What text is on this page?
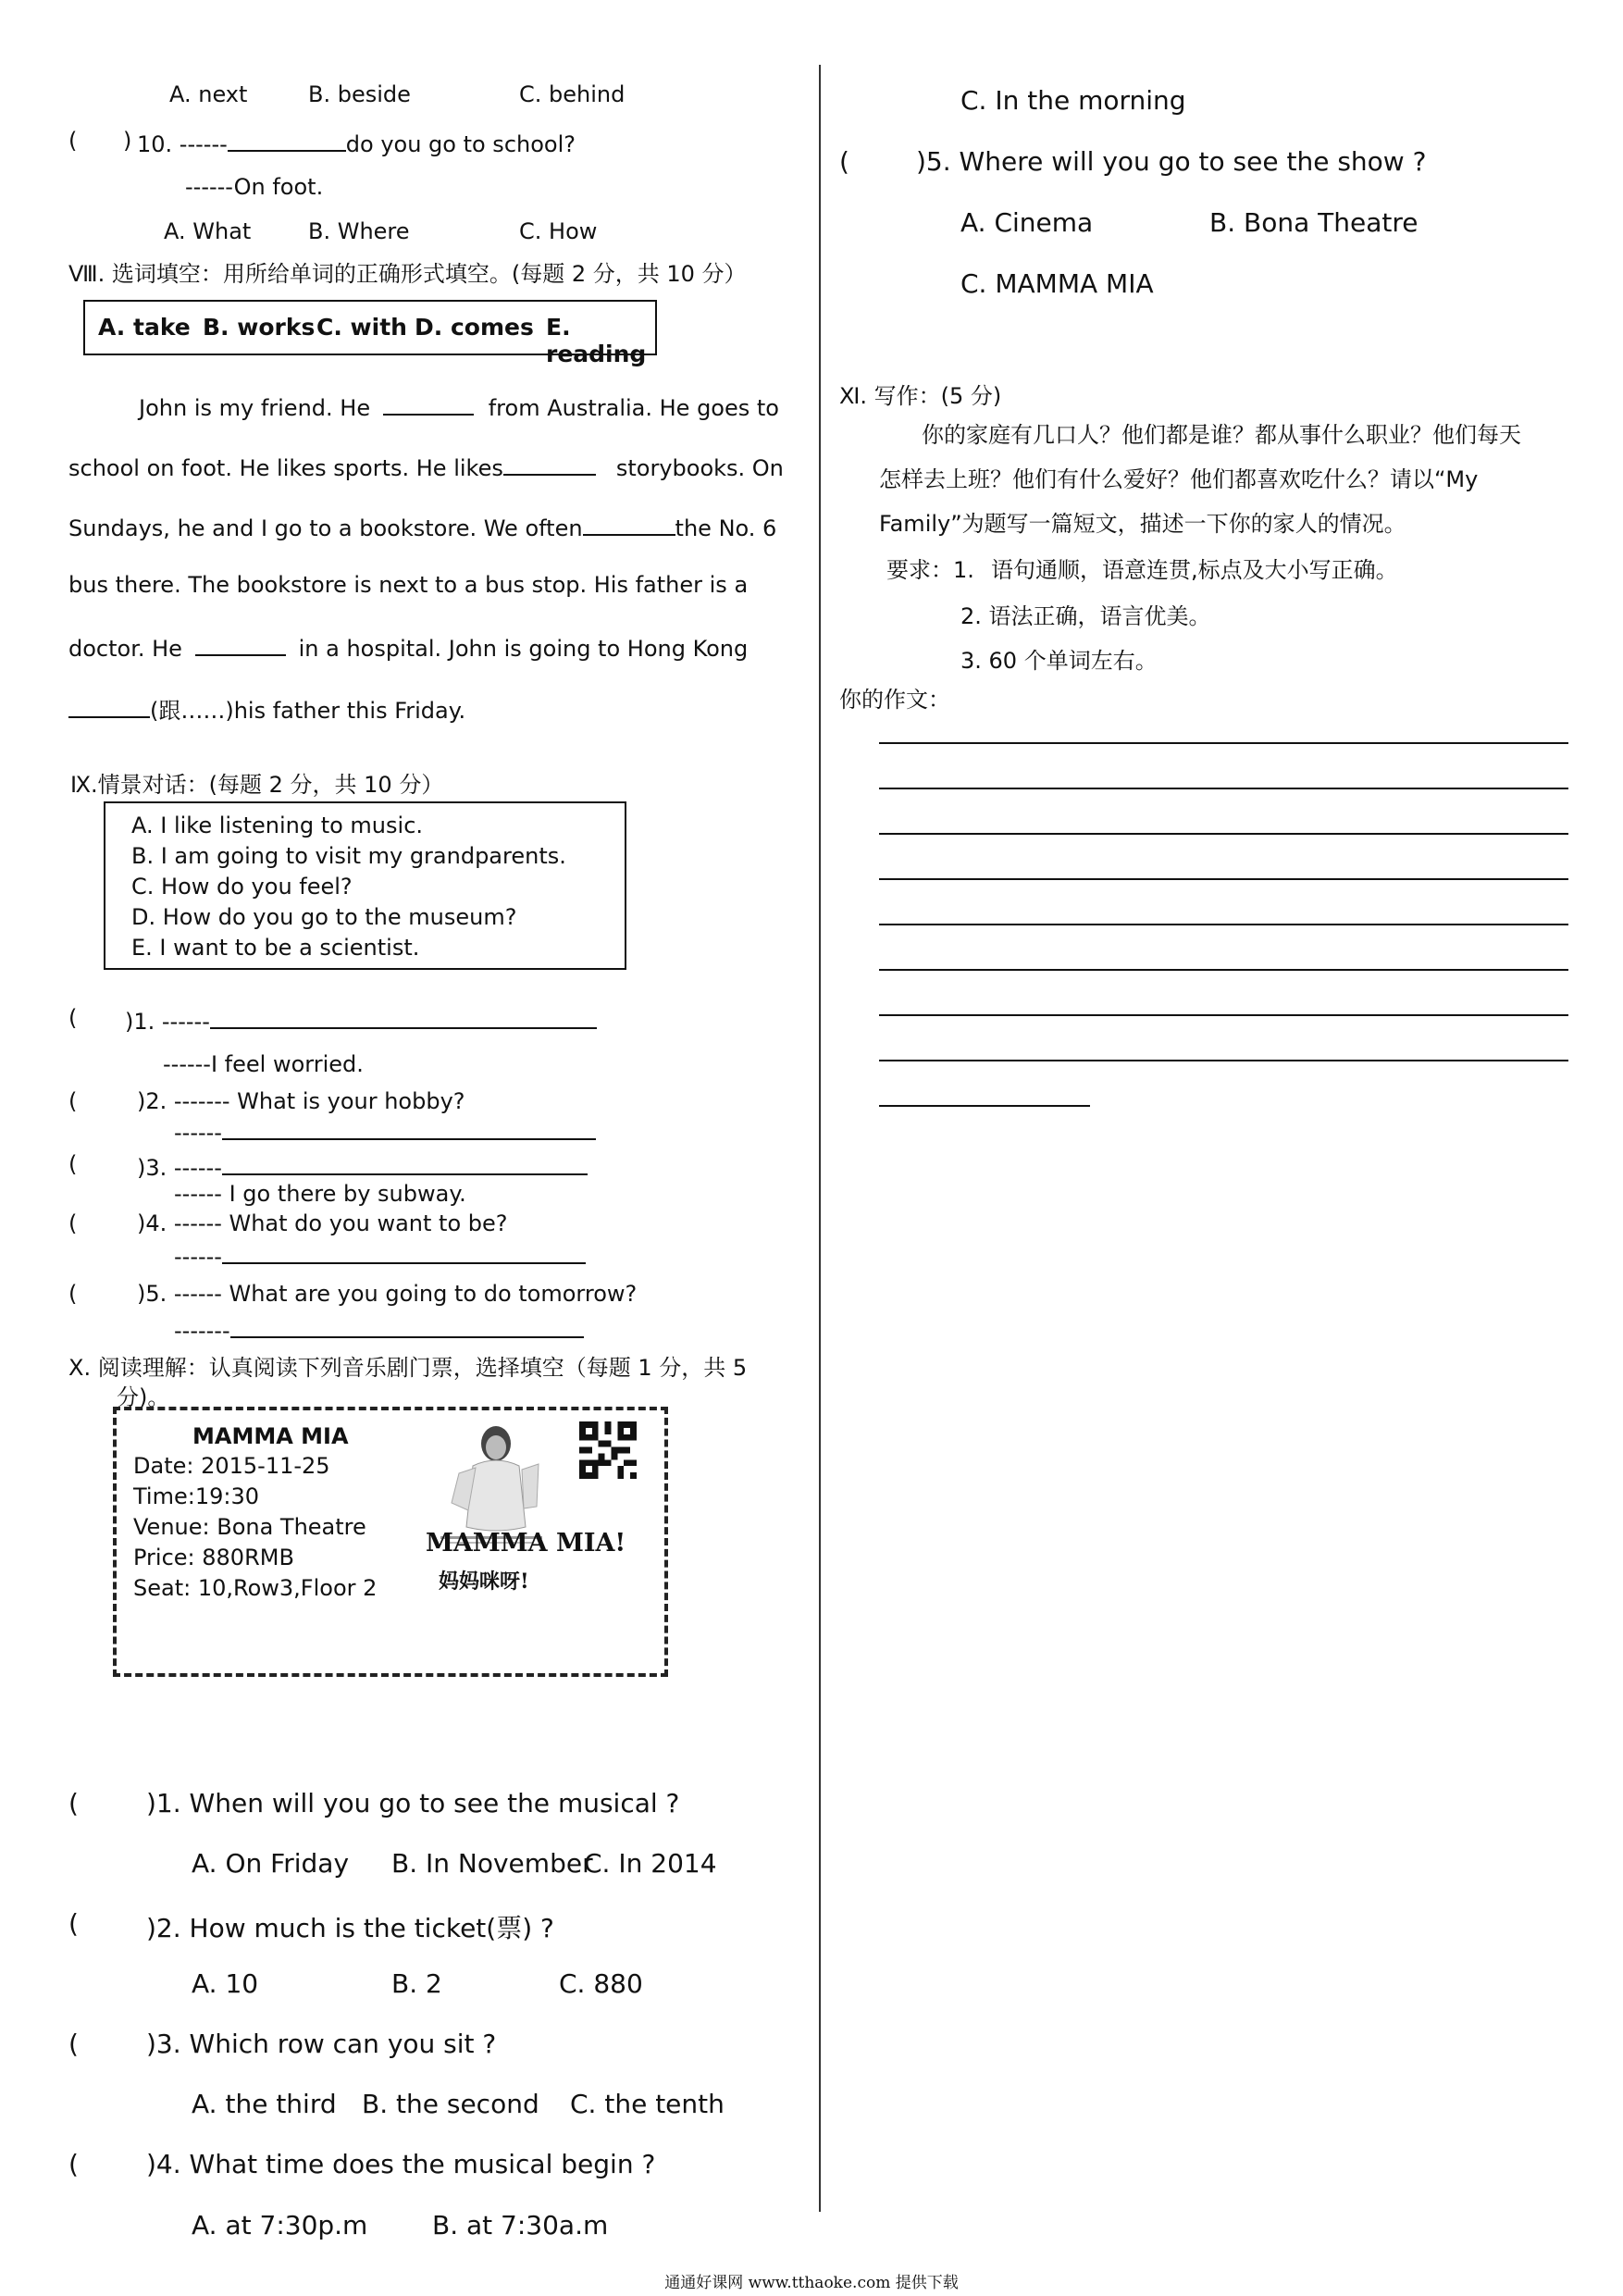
A. next	B. beside	C. behind
( ) 10. ------	do you go to school?
------On foot.
A. What	B. Where	C. How
Ⅷ. 选词填空：用所给单词的正确形式填空。(每题 2 分，共 10 分）
A. take B. works C. with D. comes E. reading
John is my friend. He	from Australia. He goes to
school on foot. He likes sports. He likes	storybooks. On
Sundays, he and I go to a bookstore. We often	the No. 6
bus there. The bookstore is next to a bus stop. His father is a
doctor. He	in a hospital. John is going to Hong Kong
(跟……)his father this Friday.
Ⅸ.情景对话：(每题 2 分，共 10 分）
A. I like listening to music.
B. I am going to visit my grandparents.
C. How do you feel?
D. How do you go to the museum?
E. I want to be a scientist.
( )1. ------
------I feel worried.
(	)2. ------- What is your hobby?
------
(	)3. ------
------ I go there by subway.
(	)4. ------ What do you want to be?
------
(	)5. ------ What are you going to do tomorrow?
-------
Ⅹ. 阅读理解：认真阅读下列音乐剧门票，选择填空（每题 1 分，共 5
分)。
MAMMA MIA
Date: 2015-11-25
Time:19:30
Venue: Bona Theatre
Price: 880RMB
Seat: 10,Row3,Floor 2
MAMMA MIA!
妈妈咪呀!
(	)1. When will you go to see the musical ?
A. On Friday B. In November
C. In 2014
(	)2. How much is the ticket(票) ?
A. 10	B. 2	C. 880
(	)3. Which row can you sit ?
A. the third B. the second C. the tenth
(	)4. What time does the musical begin ?
A. at 7:30p.m B. at 7:30a.m
C. In the morning
(	)5. Where will you go to see the show ?
A. Cinema	B. Bona Theatre
C. MAMMA MIA
Ⅺ. 写作：(5 分)
你的家庭有几口人？他们都是谁？都从事什么职业？他们每天
怎样去上班？他们有什么爱好？他们都喜欢吃什么？请以“My
Family”为题写一篇短文，描述一下你的家人的情况。
要求：1. 语句通顺，语意连贯,标点及大小写正确。
2. 语法正确，语言优美。
3. 60 个单词左右。
你的作文：
通通好课网 www.tthaoke.com 提供下载
